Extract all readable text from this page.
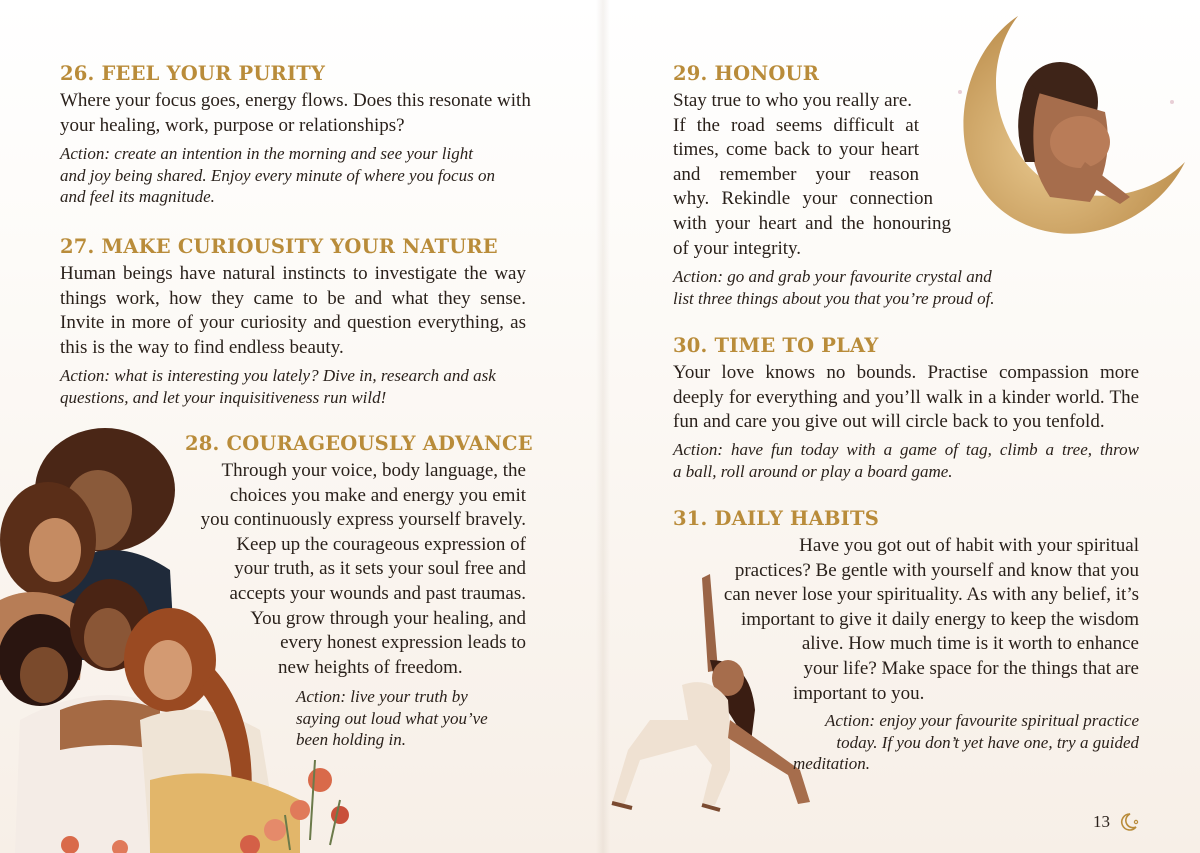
26. FEEL YOUR PURITY
Where your focus goes, energy flows. Does this resonate with
your healing, work, purpose or relationships?
Action: create an intention in the morning and see your light
and joy being shared. Enjoy every minute of where you focus on
and feel its magnitude.
27. MAKE CURIOUSITY YOUR NATURE
Human beings have natural instincts to investigate the way
things work, how they came to be and what they sense.
Invite in more of your curiosity and question everything, as
this is the way to find endless beauty.
Action: what is interesting you lately? Dive in, research and ask
questions, and let your inquisitiveness run wild!
28. COURAGEOUSLY ADVANCE
Through your voice, body language, the
choices you make and energy you emit
you continuously express yourself bravely.
Keep up the courageous expression of
your truth, as it sets your soul free and
accepts your wounds and past traumas.
You grow through your healing, and
every honest expression leads to
new heights of freedom.
Action: live your truth by
saying out loud what you’ve
been holding in.
29. HONOUR
Stay true to who you really are.
If the road seems difficult at
times, come back to your heart
and remember your reason
why. Rekindle your connection
with your heart and the honouring
of your integrity.
Action: go and grab your favourite crystal and
list three things about you that you’re proud of.
30. TIME TO PLAY
Your love knows no bounds. Practise compassion more
deeply for everything and you’ll walk in a kinder world. The
fun and care you give out will circle back to you tenfold.
Action: have fun today with a game of tag, climb a tree, throw
a ball, roll around or play a board game.
31. DAILY HABITS
Have you got out of habit with your spiritual
practices? Be gentle with yourself and know that you
can never lose your spirituality. As with any belief, it’s
important to give it daily energy to keep the wisdom
alive. How much time is it worth to enhance
your life? Make space for the things that are
important to you.
Action: enjoy your favourite spiritual practice
today. If you don’t yet have one, try a guided
meditation.
13
